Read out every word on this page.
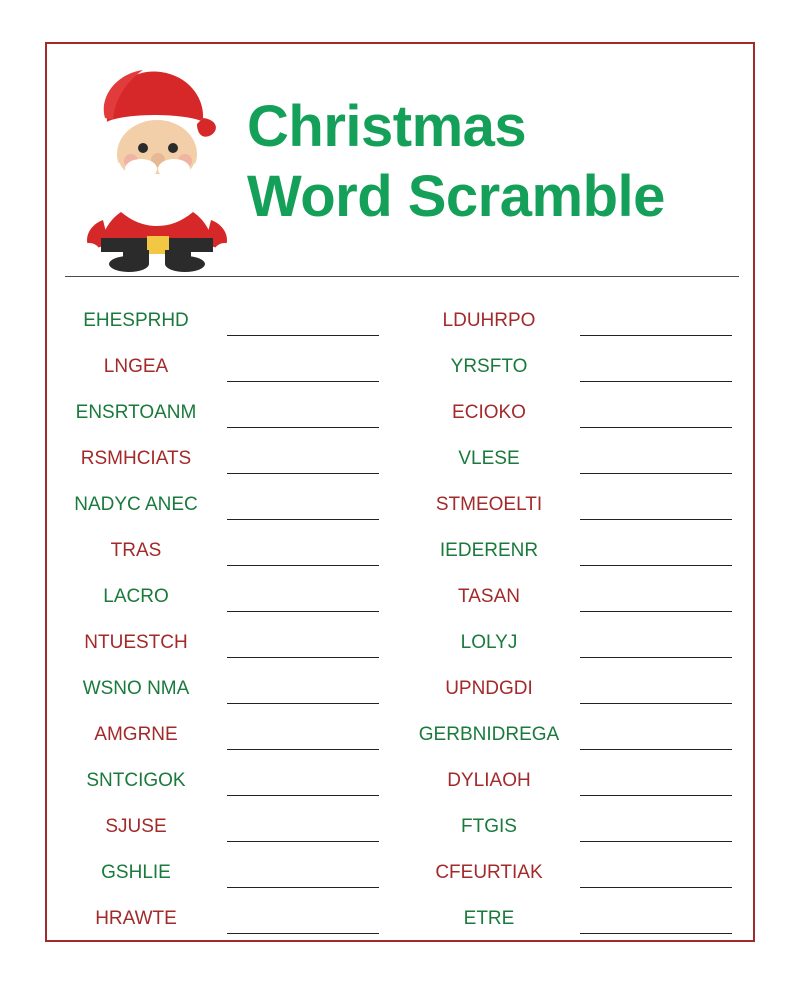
Christmas
Word Scramble
EHESPRHD
LNGEA
ENSRTOANM
RSMHCIATS
NADYC ANEC
TRAS
LACRO
NTUESTCH
WSNO NMA
AMGRNE
SNTCIGOK
SJUSE
GSHLIE
HRAWTE
LDUHRPO
YRSFTO
ECIOKO
VLESE
STMEOELTI
IEDERENR
TASAN
LOLYJ
UPNDGDI
GERBNIDREGA
DYLIAOH
FTGIS
CFEURTIAK
ETRE
